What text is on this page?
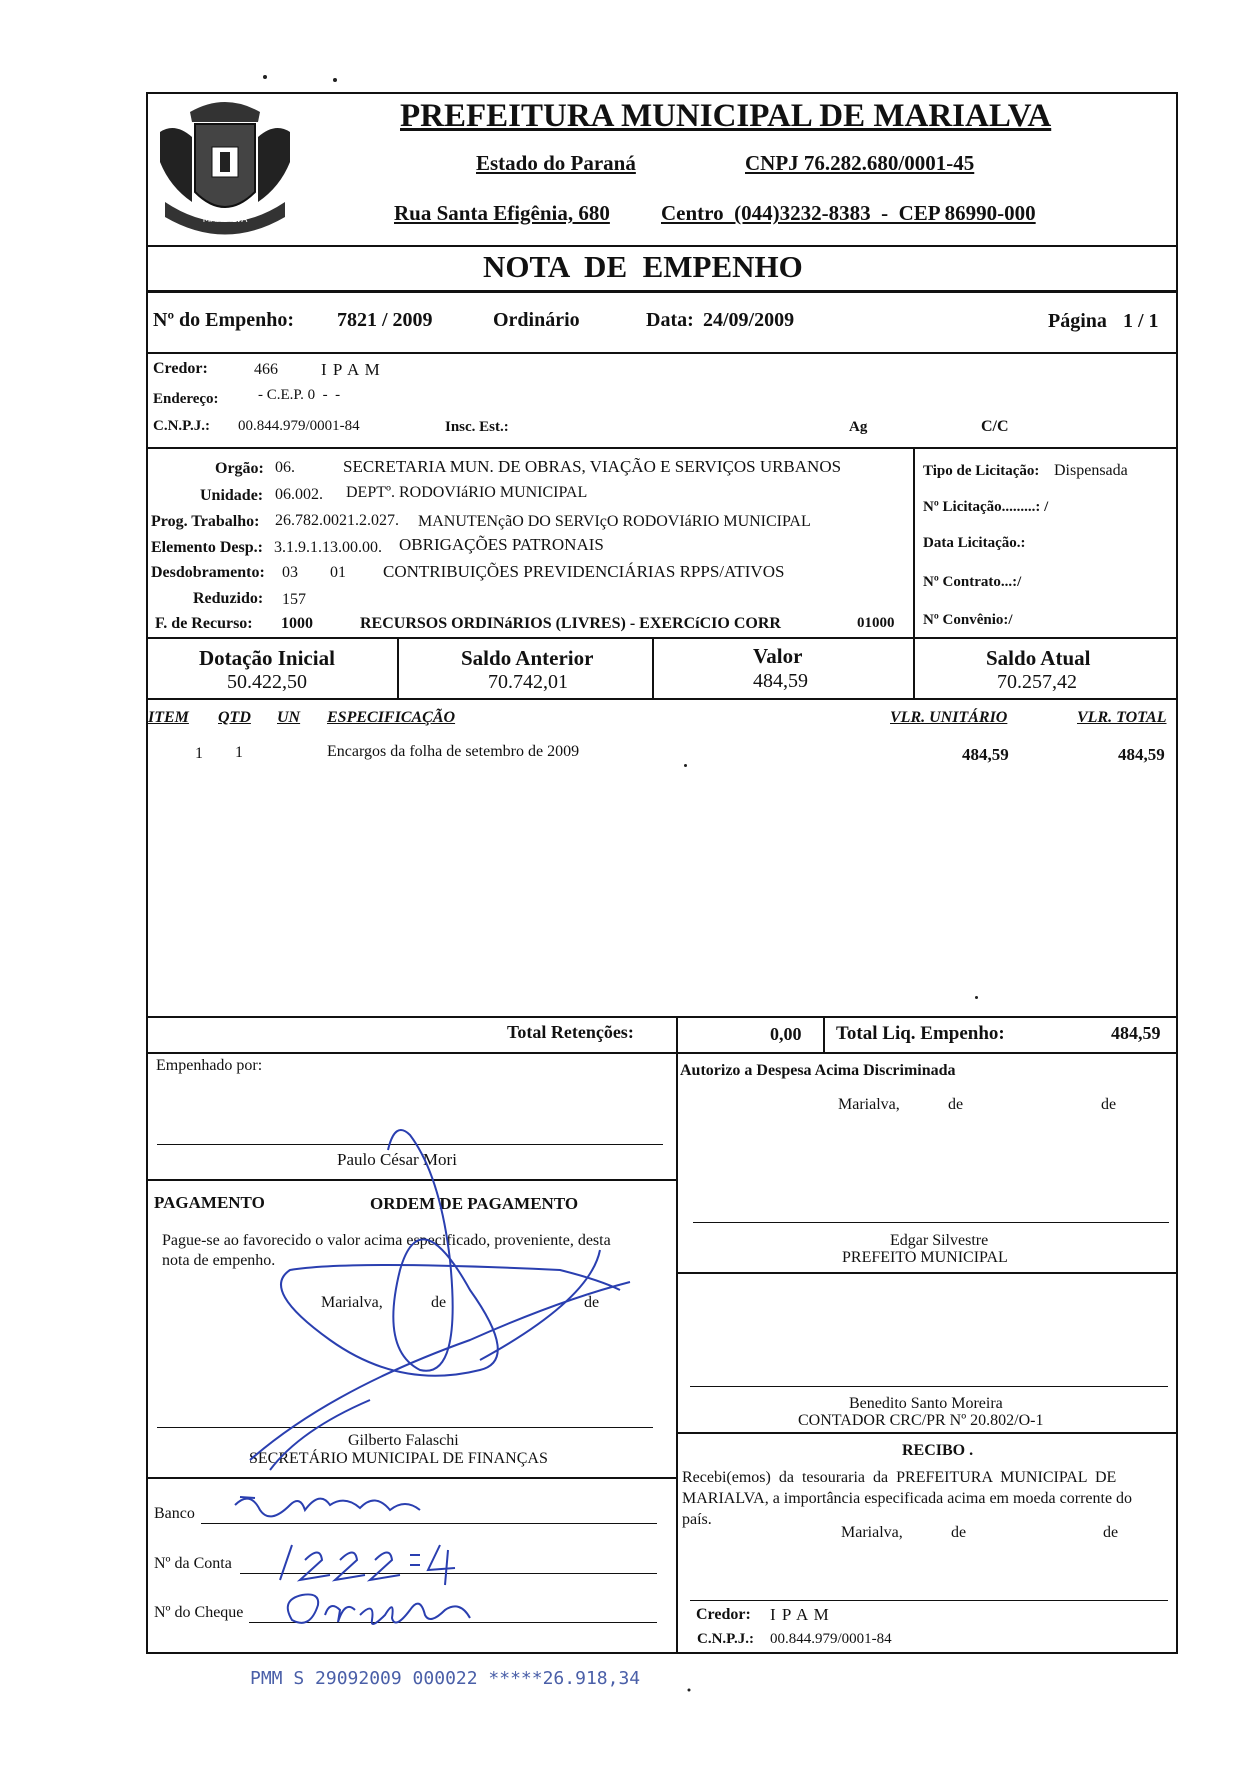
MARIALVA
PREFEITURA MUNICIPAL DE MARIALVA
Estado do Paraná	CNPJ 76.282.680/0001-45
Rua Santa Efigênia, 680 Centro  (044)3232-8383  -  CEP 86990-000
NOTA  DE  EMPENHO
Nº do Empenho: 7821 / 2009	Ordinário	Data: 24/09/2009	Página 1 / 1
Credor:	466	I P A M
Endereço:	- C.E.P. 0  -  -
C.N.P.J.: 00.844.979/0001-84	Insc. Est.:	Ag	C/C
Orgão: 06.	SECRETARIA MUN. DE OBRAS, VIAÇÃO E SERVIÇOS URBANOS
Unidade: 06.002. DEPTº. RODOVIáRIO MUNICIPAL
Prog. Trabalho: 26.782.0021.2.027. MANUTENçãO DO SERVIçO RODOVIáRIO MUNICIPAL
Elemento Desp.: 3.1.9.1.13.00.00. OBRIGAÇÕES PATRONAIS
Desdobramento: 03 01 CONTRIBUIÇÕES PREVIDENCIÁRIAS RPPS/ATIVOS
Reduzido: 157
F. de Recurso: 1000	RECURSOS ORDINáRIOS (LIVRES) - EXERCíCIO CORR	01000
Tipo de Licitação: Dispensada
Nº Licitação.........: /
Data Licitação.:
Nº Contrato...:/
Nº Convênio:/
Dotação Inicial
50.422,50
Saldo Anterior
70.742,01
Valor
484,59
Saldo Atual
70.257,42
ITEM QTD UN ESPECIFICAÇÃO	VLR. UNITÁRIO	VLR. TOTAL
1 1	Encargos da folha de setembro de 2009	484,59	484,59
Total Retenções:	0,00 Total Liq. Empenho:	484,59
Empenhado por:
Paulo César Mori
Autorizo a Despesa Acima Discriminada
Marialva,	de	de
Edgar Silvestre
PREFEITO MUNICIPAL
PAGAMENTO	ORDEM DE PAGAMENTO
Pague-se ao favorecido o valor acima especificado, proveniente, desta
nota de empenho.
Marialva,	de	de
Gilberto Falaschi
SECRETÁRIO MUNICIPAL DE FINANÇAS
Benedito Santo Moreira
CONTADOR CRC/PR Nº 20.802/O-1
Banco
Nº da Conta
Nº do Cheque
RECIBO .
Recebi(emos) da tesouraria da PREFEITURA MUNICIPAL DE
MARIALVA, a importância especificada acima em moeda corrente do
país.
Marialva,	de	de
Credor: I P A M
C.N.P.J.: 00.844.979/0001-84
PMM S 29092009 000022 *****26.918,34
